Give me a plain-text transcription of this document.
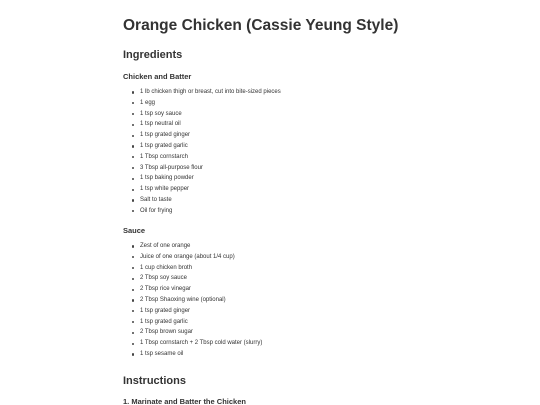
Orange Chicken (Cassie Yeung Style)
Ingredients
Chicken and Batter
1 lb chicken thigh or breast, cut into bite-sized pieces
1 egg
1 tsp soy sauce
1 tsp neutral oil
1 tsp grated ginger
1 tsp grated garlic
1 Tbsp cornstarch
3 Tbsp all-purpose flour
1 tsp baking powder
1 tsp white pepper
Salt to taste
Oil for frying
Sauce
Zest of one orange
Juice of one orange (about 1/4 cup)
1 cup chicken broth
2 Tbsp soy sauce
2 Tbsp rice vinegar
2 Tbsp Shaoxing wine (optional)
1 tsp grated ginger
1 tsp grated garlic
2 Tbsp brown sugar
1 Tbsp cornstarch + 2 Tbsp cold water (slurry)
1 tsp sesame oil
Instructions
1. Marinate and Batter the Chicken
